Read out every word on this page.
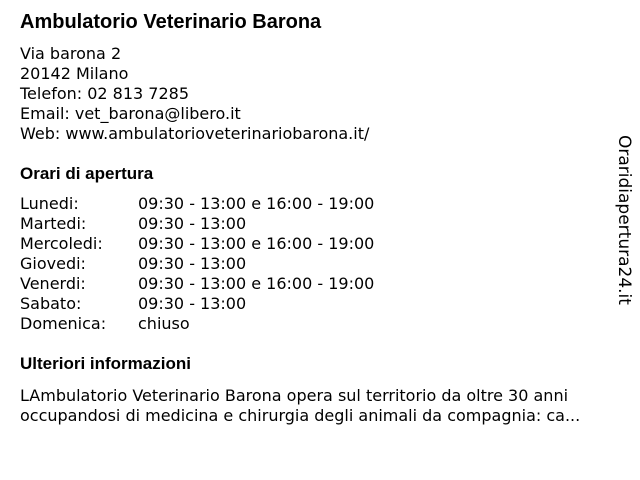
Ambulatorio Veterinario Barona
Via barona 2
20142 Milano
Telefon: 02 813 7285
Email: vet_barona@libero.it
Web: www.ambulatorioveterinariobarona.it/
Orari di apertura
Lunedi:	09:30 - 13:00 e 16:00 - 19:00
Martedi:	09:30 - 13:00
Mercoledi:	09:30 - 13:00 e 16:00 - 19:00
Giovedi:	09:30 - 13:00
Venerdi:	09:30 - 13:00 e 16:00 - 19:00
Sabato:	09:30 - 13:00
Domenica:	chiuso
Ulteriori informazioni
LAmbulatorio Veterinario Barona opera sul territorio da oltre 30 anni
occupandosi di medicina e chirurgia degli animali da compagnia: ca...
Oraridiapertura24.it
